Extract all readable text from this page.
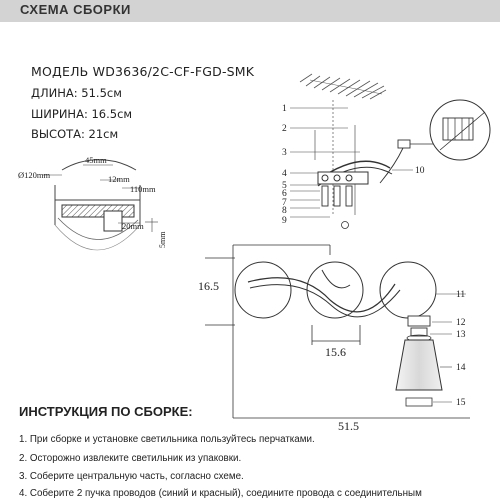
СХЕМА СБОРКИ
МОДЕЛЬ WD3636/2C-CF-FGD-SMK
ДЛИНА: 51.5см
ШИРИНА: 16.5см
ВЫСОТА: 21см
Ø120mm
45mm
12mm
110mm
20mm
5mm
1
2
3
4
5
6
7
8
9
10
16.5
15.6
51.5
11
12
13
14
15
ИНСТРУКЦИЯ ПО СБОРКЕ:
1. При сборке и установке светильника пользуйтесь перчатками.
2. Осторожно извлеките светильник из упаковки.
3. Соберите центральную часть, согласно схеме.
4. Соберите 2 пучка проводов (синий и красный), соедините провода с соединительным
